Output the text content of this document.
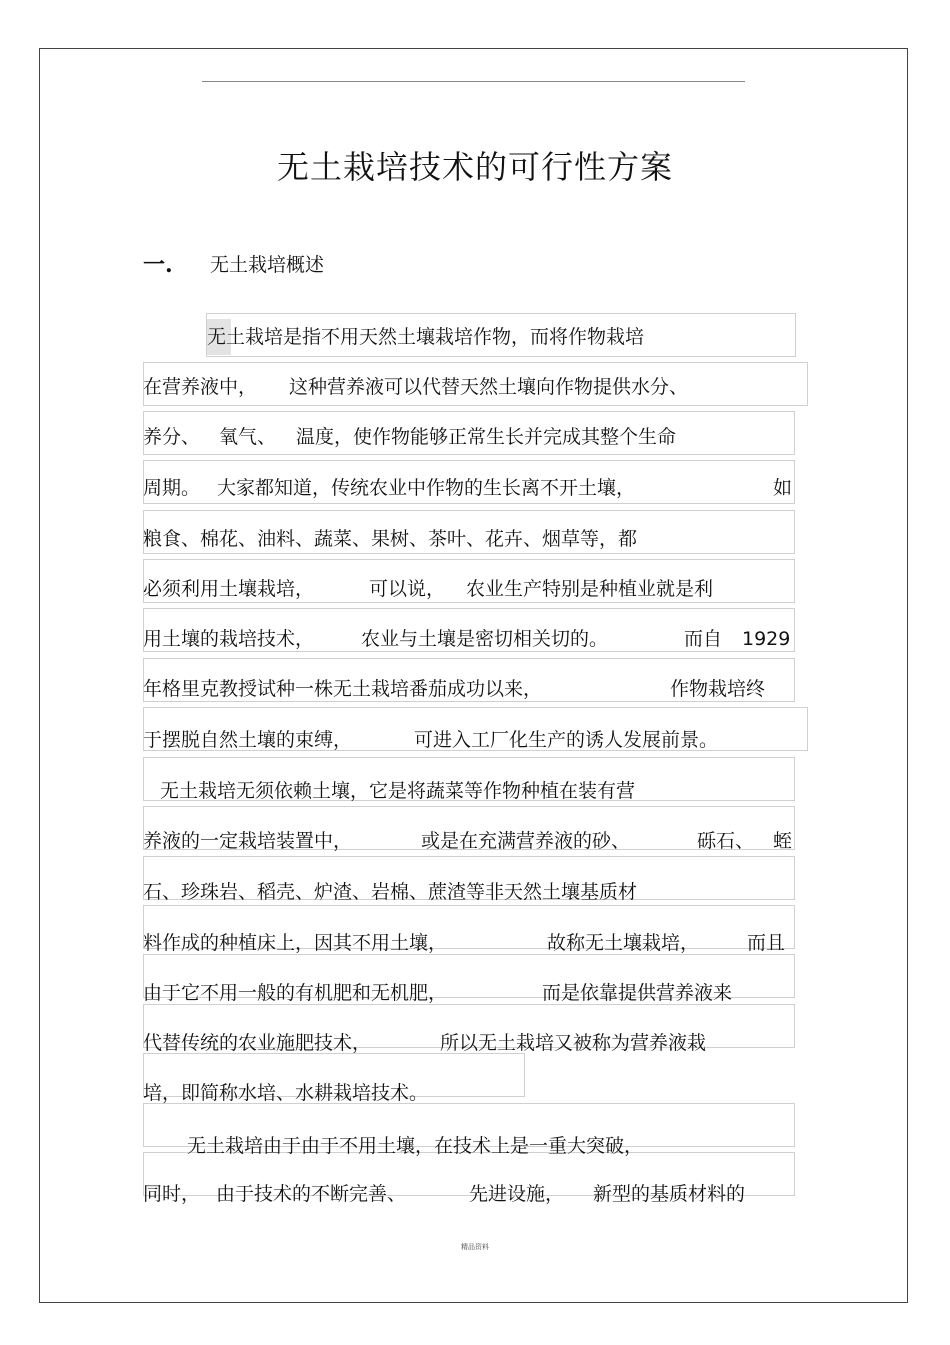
无土栽培技术的可行性方案
一. 无土栽培概述
无土栽培是指不用天然土壤栽培作物，而将作物栽培
在营养液中， 这种营养液可以代替天然土壤向作物提供水分、
养分、 氧气、 温度，使作物能够正常生长并完成其整个生命
周期。 大家都知道，传统农业中作物的生长离不开土壤，	如
粮食、棉花、油料、蔬菜、果树、茶叶、花卉、烟草等，都
必须利用土壤栽培，	可以说， 农业生产特别是种植业就是利
用土壤的栽培技术， 农业与土壤是密切相关切的。	而自 1929
年格里克教授试种一株无土栽培番茄成功以来，	作物栽培终
于摆脱自然土壤的束缚，	可进入工厂化生产的诱人发展前景。
无土栽培无须依赖土壤，它是将蔬菜等作物种植在装有营
养液的一定栽培装置中，	或是在充满营养液的砂、	砾石、 蛭
石、珍珠岩、稻壳、炉渣、岩棉、蔗渣等非天然土壤基质材
料作成的种植床上，因其不用土壤，	故称无土壤栽培，	而且
由于它不用一般的有机肥和无机肥，	而是依靠提供营养液来
代替传统的农业施肥技术，	所以无土栽培又被称为营养液栽
培，即简称水培、水耕栽培技术。
无土栽培由于由于不用土壤，在技术上是一重大突破，
同时， 由于技术的不断完善、	先进设施， 新型的基质材料的
精品资料
